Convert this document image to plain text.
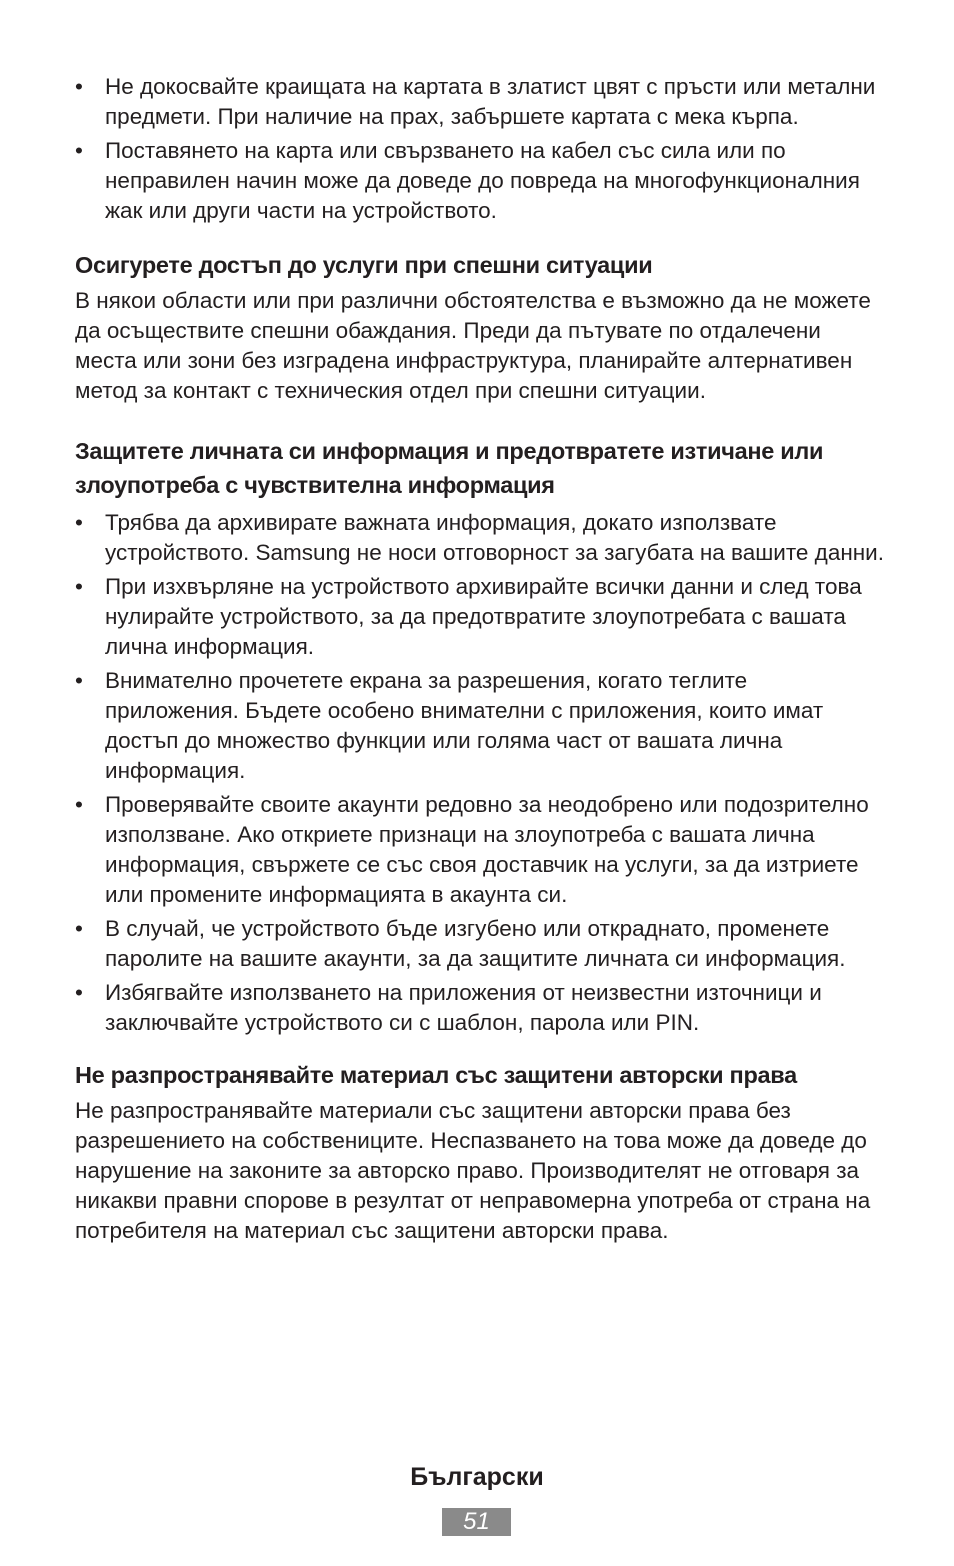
• Не докосвайте краищата на картата в златист цвят с пръсти или метални предмети. При наличие на прах, забършете картата с мека кърпа.
• Поставянето на карта или свързването на кабел със сила или по неправилен начин може да доведе до повреда на многофункционалния жак или други части на устройството.
Осигурете достъп до услуги при спешни ситуации

В някои области или при различни обстоятелства е възможно да не можете да осъществите спешни обаждания. Преди да пътувате по отдалечени места или зони без изградена инфраструктура, планирайте алтернативен метод за контакт с техническия отдел при спешни ситуации.

Защитете личната си информация и предотвратете изтичане или злоупотреба с чувствителна информация
• Трябва да архивирате важната информация, докато използвате устройството. Samsung не носи отговорност за загубата на вашите данни.
• При изхвърляне на устройството архивирайте всички данни и след това нулирайте устройството, за да предотвратите злоупотребата с вашата лична информация.
• Внимателно прочетете екрана за разрешения, когато теглите приложения. Бъдете особено внимателни с приложения, които имат достъп до множество функции или голяма част от вашата лична информация.
• Проверявайте своите акаунти редовно за неодобрено или подозрително използване. Ако откриете признаци на злоупотреба с вашата лична информация, свържете се със своя доставчик на услуги, за да изтриете или промените информацията в акаунта си.
• В случай, че устройството бъде изгубено или откраднато, променете паролите на вашите акаунти, за да защитите личната си информация.
• Избягвайте използването на приложения от неизвестни източници и заключвайте устройството си с шаблон, парола или PIN.
Не разпространявайте материал със защитени авторски права

Не разпространявайте материали със защитени авторски права без разрешението на собствениците. Неспазването на това може да доведе до нарушение на законите за авторско право. Производителят не отговаря за никакви правни спорове в резултат от неправомерна употреба от страна на потребителя на материал със защитени авторски права.

Български
51
